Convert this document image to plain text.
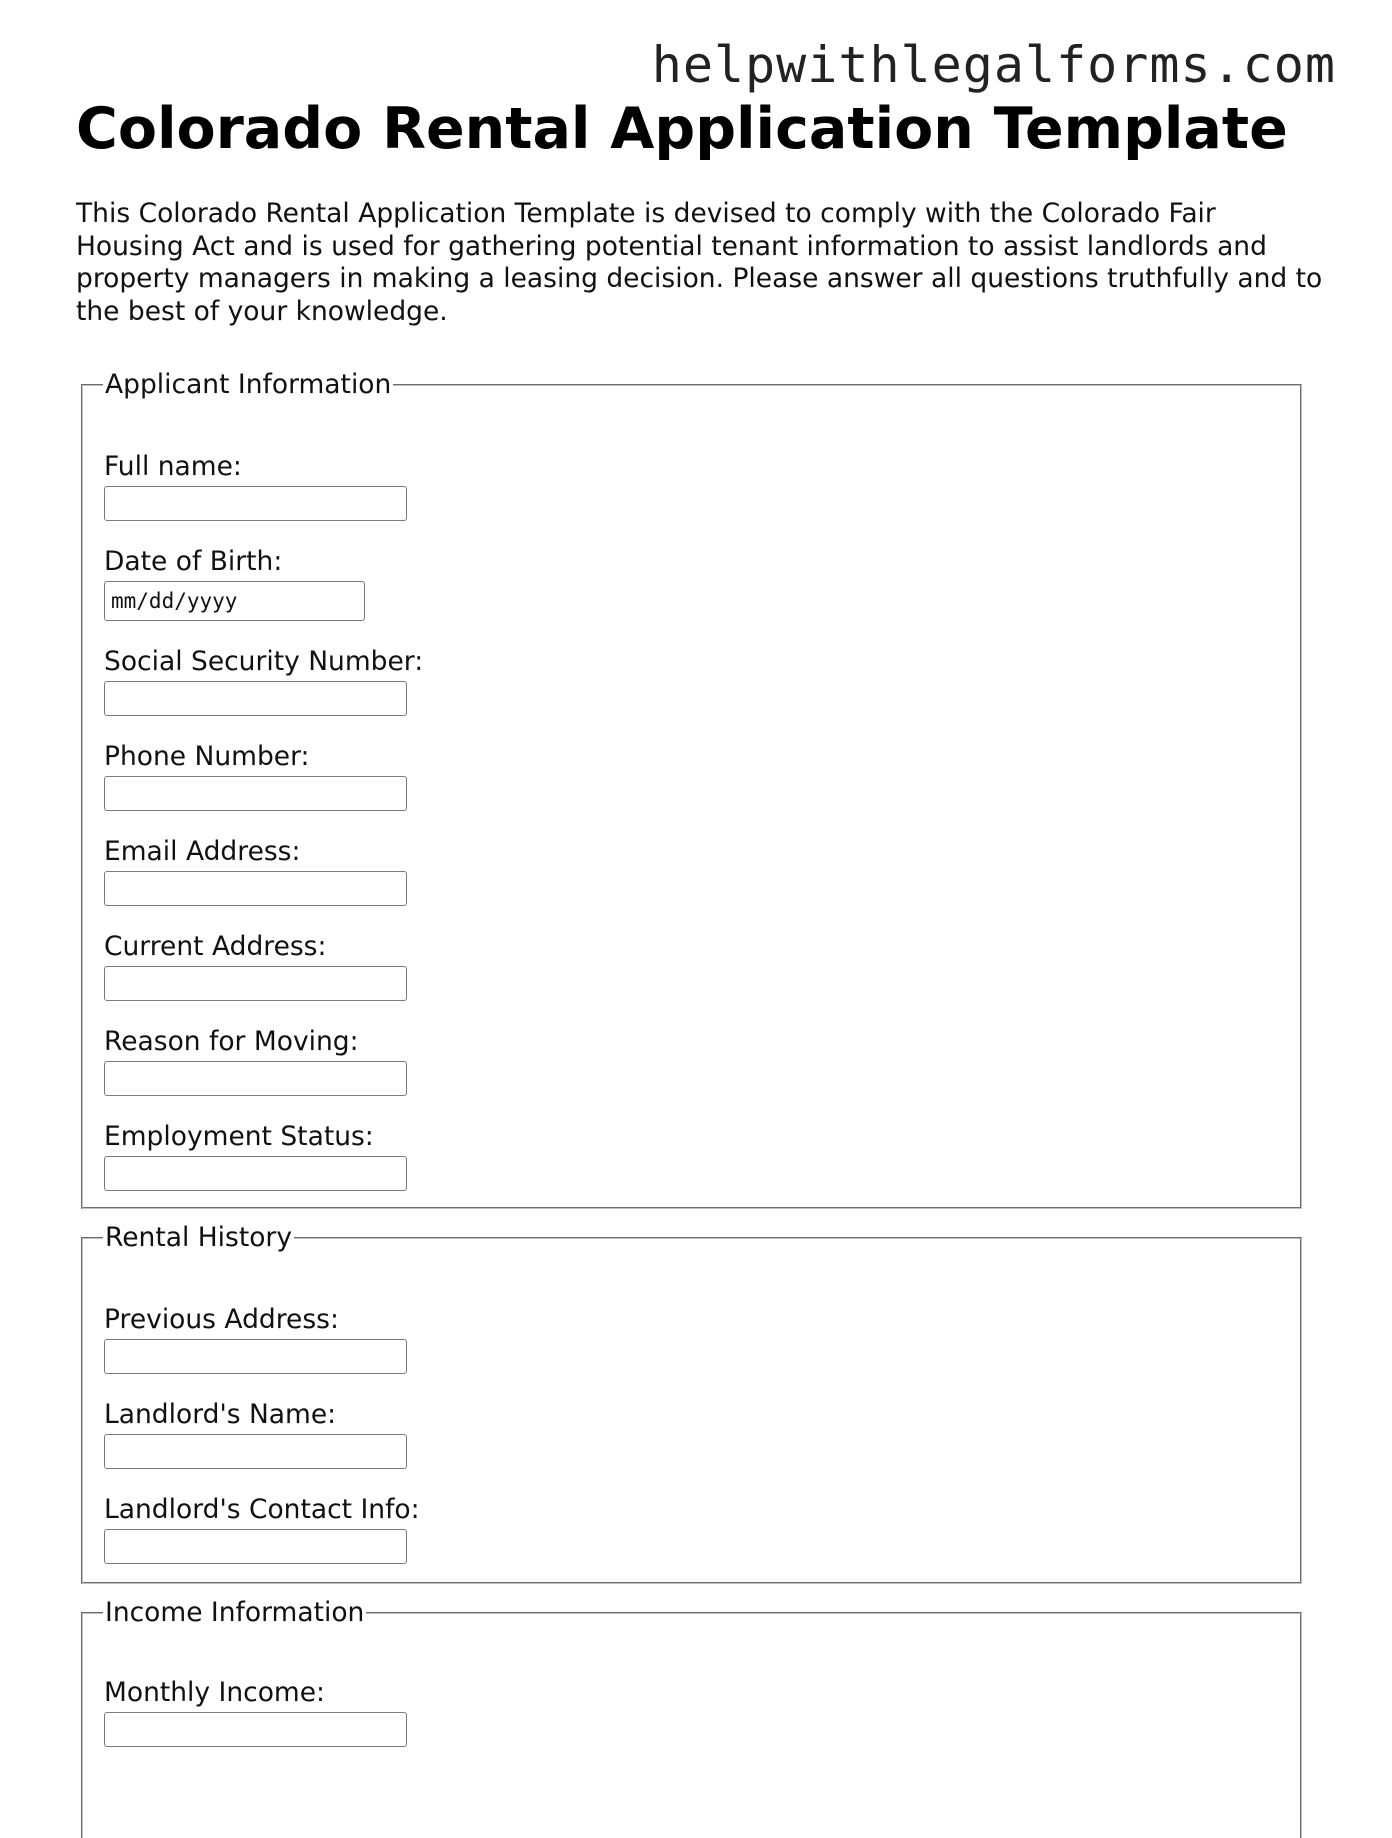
helpwithlegalforms.com
Colorado Rental Application Template

This Colorado Rental Application Template is devised to comply with the Colorado Fair Housing Act and is used for gathering potential tenant information to assist landlords and property managers in making a leasing decision. Please answer all questions truthfully and to the best of your knowledge.

Applicant Information
Full name:
Date of Birth:
mm/dd/yyyy
Social Security Number:
Phone Number:
Email Address:
Current Address:
Reason for Moving:
Employment Status:
Rental History
Previous Address:
Landlord's Name:
Landlord's Contact Info:
Income Information
Monthly Income:
